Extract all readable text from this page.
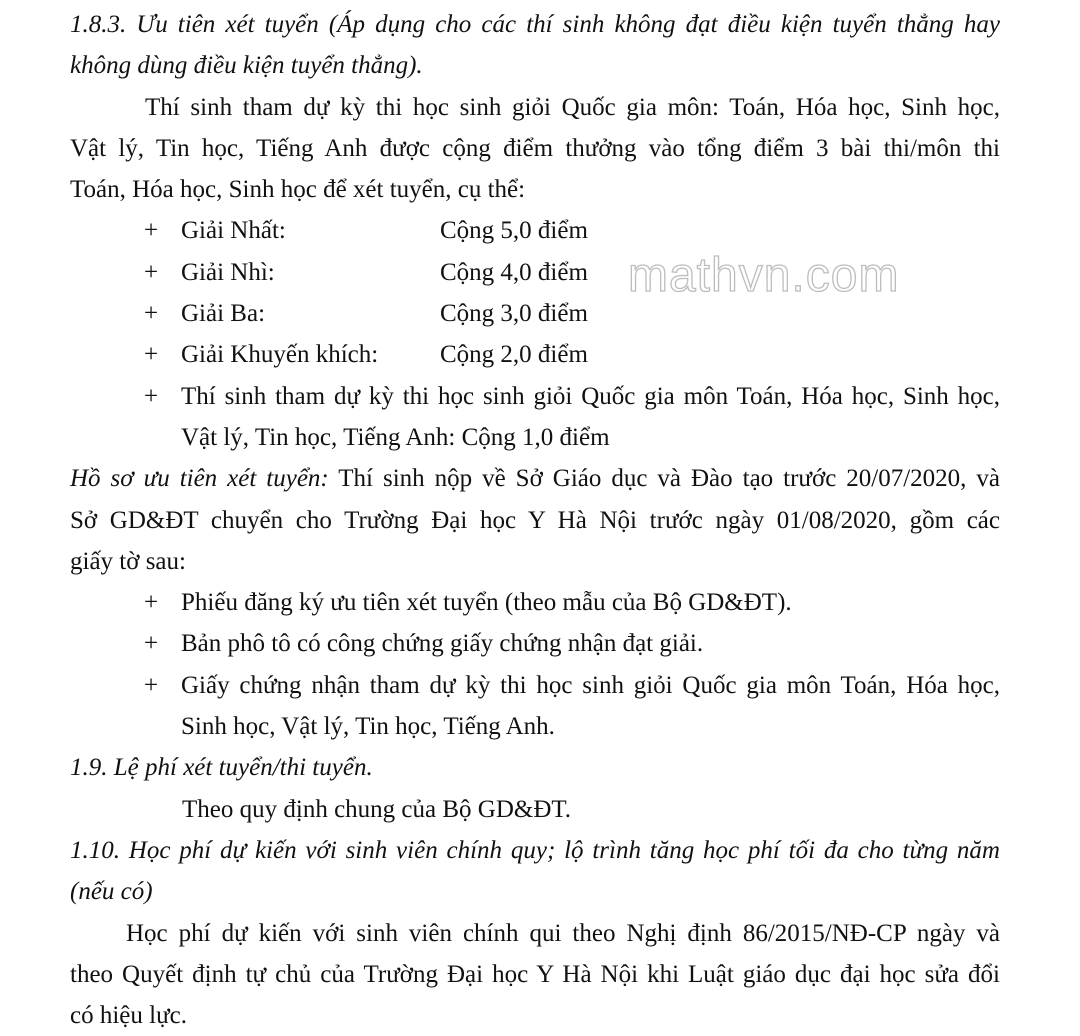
1.8.3. Ưu tiên xét tuyển (Áp dụng cho các thí sinh không đạt điều kiện tuyển thẳng hay
không dùng điều kiện tuyển thẳng).
Thí sinh tham dự kỳ thi học sinh giỏi Quốc gia môn: Toán, Hóa học, Sinh học,
Vật lý, Tin học, Tiếng Anh được cộng điểm thưởng vào tổng điểm 3 bài thi/môn thi
Toán, Hóa học, Sinh học để xét tuyển, cụ thể:
+ Giải Nhất:	Cộng 5,0 điểm
+ Giải Nhì:	Cộng 4,0 điểm
+ Giải Ba:	Cộng 3,0 điểm
+ Giải Khuyến khích:	Cộng 2,0 điểm
+ Thí sinh tham dự kỳ thi học sinh giỏi Quốc gia môn Toán, Hóa học, Sinh học,
Vật lý, Tin học, Tiếng Anh: Cộng 1,0 điểm
Hồ sơ ưu tiên xét tuyển: Thí sinh nộp về Sở Giáo dục và Đào tạo trước 20/07/2020, và
Sở GD&ĐT chuyển cho Trường Đại học Y Hà Nội trước ngày 01/08/2020, gồm các
giấy tờ sau:
+ Phiếu đăng ký ưu tiên xét tuyển (theo mẫu của Bộ GD&ĐT).
+ Bản phô tô có công chứng giấy chứng nhận đạt giải.
+ Giấy chứng nhận tham dự kỳ thi học sinh giỏi Quốc gia môn Toán, Hóa học,
Sinh học, Vật lý, Tin học, Tiếng Anh.
1.9. Lệ phí xét tuyển/thi tuyển.
Theo quy định chung của Bộ GD&ĐT.
1.10. Học phí dự kiến với sinh viên chính quy; lộ trình tăng học phí tối đa cho từng năm
(nếu có)
Học phí dự kiến với sinh viên chính qui theo Nghị định 86/2015/NĐ-CP ngày và
theo Quyết định tự chủ của Trường Đại học Y Hà Nội khi Luật giáo dục đại học sửa đổi
có hiệu lực.
mathvn.com
